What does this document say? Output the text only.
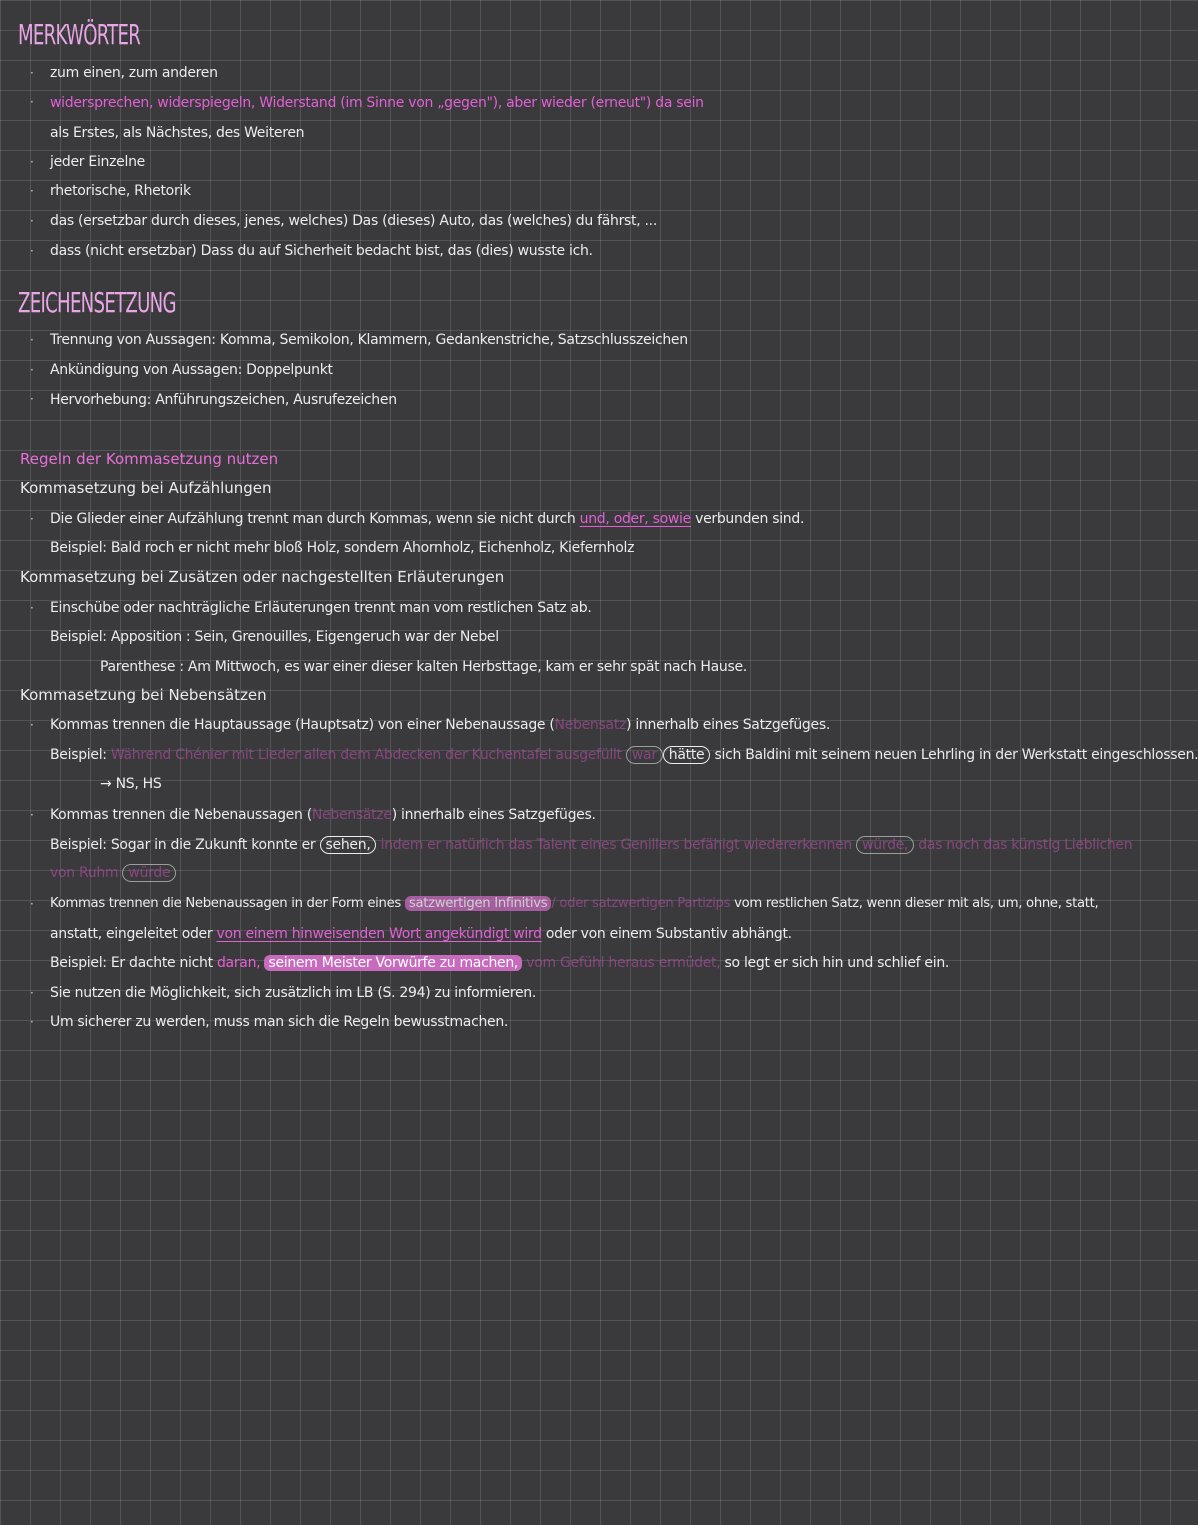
MERKWÖRTER
· zum einen, zum anderen
· widersprechen, widerspiegeln, Widerstand (im Sinne von „gegen"), aber wieder (erneut") da sein
als Erstes, als Nächstes, des Weiteren
· jeder Einzelne
· rhetorische, Rhetorik
· das (ersetzbar durch dieses, jenes, welches) Das (dieses) Auto, das (welches) du fährst, ...
· dass (nicht ersetzbar) Dass du auf Sicherheit bedacht bist, das (dies) wusste ich.
ZEICHENSETZUNG
· Trennung von Aussagen: Komma, Semikolon, Klammern, Gedankenstriche, Satzschlusszeichen
· Ankündigung von Aussagen: Doppelpunkt
· Hervorhebung: Anführungszeichen, Ausrufezeichen
Regeln der Kommasetzung nutzen
Kommasetzung bei Aufzählungen
· Die Glieder einer Aufzählung trennt man durch Kommas, wenn sie nicht durch und, oder, sowie verbunden sind.
Beispiel: Bald roch er nicht mehr bloß Holz, sondern Ahornholz, Eichenholz, Kiefernholz
Kommasetzung bei Zusätzen oder nachgestellten Erläuterungen
· Einschübe oder nachträgliche Erläuterungen trennt man vom restlichen Satz ab.
Beispiel: Apposition : Sein, Grenouilles, Eigengeruch war der Nebel
Parenthese : Am Mittwoch, es war einer dieser kalten Herbsttage, kam er sehr spät nach Hause.
Kommasetzung bei Nebensätzen
· Kommas trennen die Hauptaussage (Hauptsatz) von einer Nebenaussage (Nebensatz) innerhalb eines Satzgefüges.
Beispiel: Während Chénier mit Lieder allen dem Abdecken der Kuchentafel ausgefüllt war hätte sich Baldini mit seinem neuen Lehrling in der Werkstatt eingeschlossen.
→ NS, HS
· Kommas trennen die Nebenaussagen (Nebensätze) innerhalb eines Satzgefüges.
Beispiel: Sogar in die Zukunft konnte er sehen, indem er natürlich das Talent eines Genillers befähigt wiedererkennen würde, das noch das künstig Lieblichen
von Ruhm würde
· Kommas trennen die Nebenaussagen in der Form eines satzwertigen Infinitivs / oder satzwertigen Partizips vom restlichen Satz, wenn dieser mit als, um, ohne, statt,
anstatt, eingeleitet oder von einem hinweisenden Wort angekündigt wird oder von einem Substantiv abhängt.
Beispiel: Er dachte nicht daran, seinem Meister Vorwürfe zu machen, vom Gefühl heraus ermüdet, so legt er sich hin und schlief ein.
· Sie nutzen die Möglichkeit, sich zusätzlich im LB (S. 294) zu informieren.
· Um sicherer zu werden, muss man sich die Regeln bewusstmachen.
